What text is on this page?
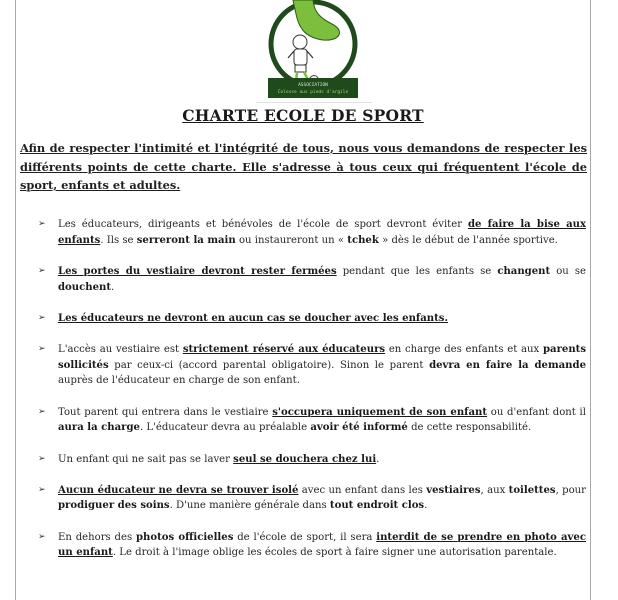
ASSOCIATION
Colosse aux pieds d'argile
CHARTE ECOLE DE SPORT
Afin de respecter l'intimité et l'intégrité de tous, nous vous demandons de respecter les différents points de cette charte. Elle s'adresse à tous ceux qui fréquentent l'école de sport, enfants et adultes.
➢ Les éducateurs, dirigeants et bénévoles de l'école de sport devront éviter de faire la bise aux enfants. Ils se serreront la main ou instaureront un « tchek » dès le début de l'année sportive.
➢ Les portes du vestiaire devront rester fermées pendant que les enfants se changent ou se douchent.
➢ Les éducateurs ne devront en aucun cas se doucher avec les enfants.
➢ L'accès au vestiaire est strictement réservé aux éducateurs en charge des enfants et aux parents sollicités par ceux-ci (accord parental obligatoire). Sinon le parent devra en faire la demande auprès de l'éducateur en charge de son enfant.
➢ Tout parent qui entrera dans le vestiaire s'occupera uniquement de son enfant ou d'enfant dont il aura la charge. L'éducateur devra au préalable avoir été informé de cette responsabilité.
➢ Un enfant qui ne sait pas se laver seul se douchera chez lui.
➢ Aucun éducateur ne devra se trouver isolé avec un enfant dans les vestiaires, aux toilettes, pour prodiguer des soins. D'une manière générale dans tout endroit clos.
➢ En dehors des photos officielles de l'école de sport, il sera interdit de se prendre en photo avec un enfant. Le droit à l'image oblige les écoles de sport à faire signer une autorisation parentale.
